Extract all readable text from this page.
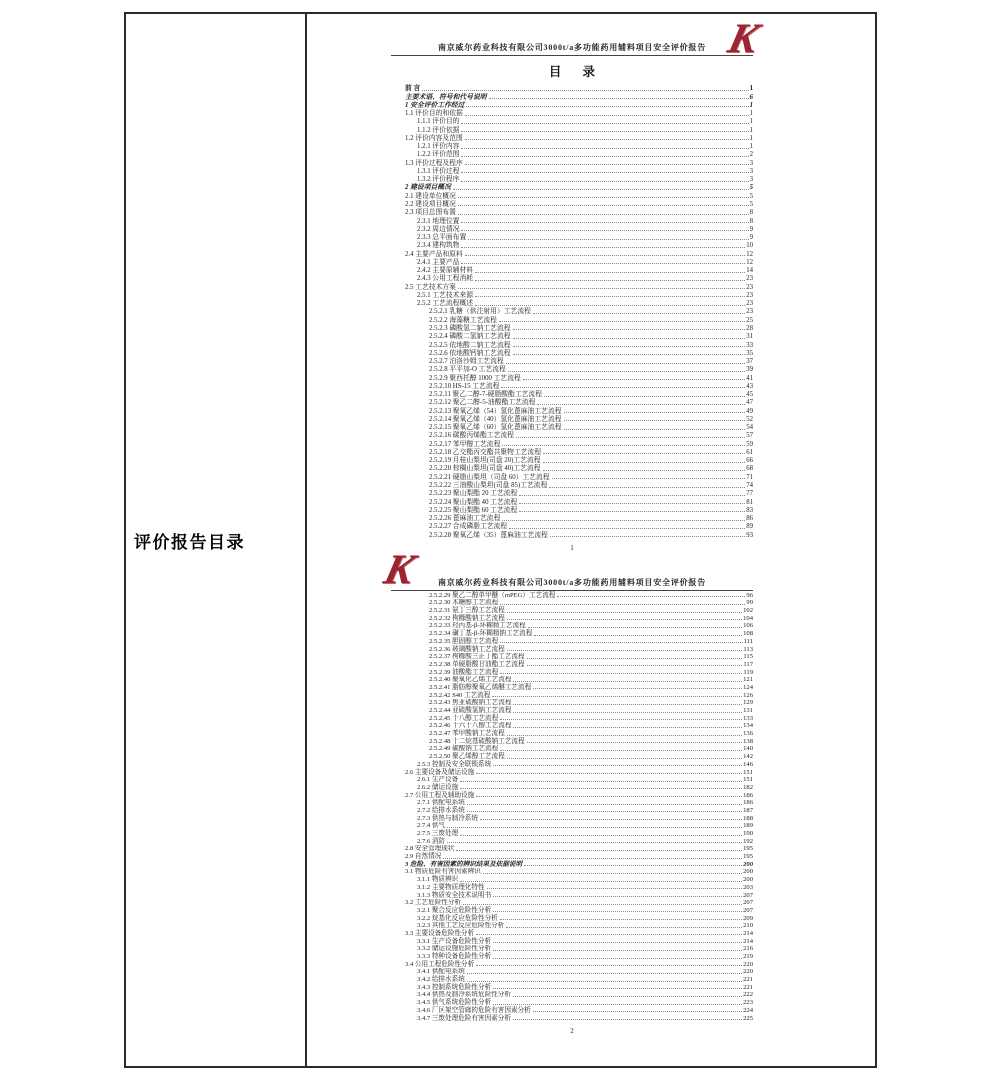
评价报告目录
K
南京威尔药业科技有限公司3000t/a多功能药用辅料项目安全评价报告
目 录
前 言	1
主要术语、符号和代号说明	6
1 安全评价工作经过	1
1.1 评价目的和依据	1
1.1.1 评价目的	1
1.1.2 评价依据	1
1.2 评价内容及范围	1
1.2.1 评价内容	1
1.2.2 评价范围	2
1.3 评价过程及程序	3
1.3.1 评价过程	3
1.3.2 评价程序	3
2 建设项目概况	5
2.1 建设单位概况	5
2.2 建设项目概况	5
2.3 项目总图布置	8
2.3.1 地理位置	8
2.3.2 周边情况	9
2.3.3 总平面布置	9
2.3.4 建构筑物	10
2.4 主要产品和原料	12
2.4.1 主要产品	12
2.4.2 主要原辅材料	14
2.4.3 公用工程消耗	23
2.5 工艺技术方案	23
2.5.1 工艺技术来源	23
2.5.2 工艺流程概述	23
2.5.2.1 乳糖（供注射用）工艺流程	23
2.5.2.2 海藻糖工艺流程	25
2.5.2.3 磷酸氢二钠工艺流程	28
2.5.2.4 磷酸二氢钠工艺流程	31
2.5.2.5 依地酸二钠工艺流程	33
2.5.2.6 依地酸钙钠工艺流程	35
2.5.2.7 泊洛沙姆工艺流程	37
2.5.2.8 平平加-O 工艺流程	39
2.5.2.9 聚西托醇 1000 工艺流程	41
2.5.2.10 HS-15 工艺流程	43
2.5.2.11 聚乙二醇-7-硬脂酸酯工艺流程	45
2.5.2.12 聚乙二醇-5-油酸酯工艺流程	47
2.5.2.13 聚氧乙烯（54）氢化蓖麻油工艺流程	49
2.5.2.14 聚氧乙烯（40）氢化蓖麻油工艺流程	52
2.5.2.15 聚氧乙烯（60）氢化蓖麻油工艺流程	54
2.5.2.16 碳酸丙烯酯工艺流程	57
2.5.2.17 苯甲醇工艺流程	59
2.5.2.18 乙交酯丙交酯共聚物工艺流程	61
2.5.2.19 月桂山梨坦(司盘 20)工艺流程	66
2.5.2.20 棕榈山梨坦(司盘 40)工艺流程	68
2.5.2.21 硬脂山梨坦（司盘 60）工艺流程	71
2.5.2.22 三油酸山梨坦(司盘 85)工艺流程	74
2.5.2.23 聚山梨酯 20 工艺流程	77
2.5.2.24 聚山梨酯 40 工艺流程	81
2.5.2.25 聚山梨酯 60 工艺流程	83
2.5.2.26 蓖麻油工艺流程	86
2.5.2.27 合成磷脂工艺流程	89
2.5.2.28 聚氧乙烯（35）蓖麻油工艺流程	93
1
K	南京威尔药业科技有限公司3000t/a多功能药用辅料项目安全评价报告
2.5.2.29 聚乙二醇单甲醚（mPEG）工艺流程	96
2.5.2.30 木糖醇工艺流程	99
2.5.2.31 氨丁三醇工艺流程	102
2.5.2.32 枸橼酸钠工艺流程	104
2.5.2.33 羟丙基-β-环糊精工艺流程	106
2.5.2.34 磺丁基-β-环糊精钠工艺流程	108
2.5.2.35 胆固醇工艺流程	111
2.5.2.36 玻璃酸钠工艺流程	113
2.5.2.37 枸橼酸三正丁酯工艺流程	115
2.5.2.38 单硬脂酸甘油酯工艺流程	117
2.5.2.39 油酸酯工艺流程	119
2.5.2.40 聚氧化乙烯工艺流程	121
2.5.2.41 脂肪醇聚氧乙烯醚工艺流程	124
2.5.2.42 S40 工艺流程	126
2.5.2.43 焦亚硫酸钠工艺流程	129
2.5.2.44 亚硫酸氢钠工艺流程	131
2.5.2.45 十八醇工艺流程	133
2.5.2.46 十六十八醇工艺流程	134
2.5.2.47 苯甲酸钠工艺流程	136
2.5.2.48 十二烷基硫酸钠工艺流程	138
2.5.2.49 碳酸钠工艺流程	140
2.5.2.50 聚乙烯醇工艺流程	142
2.5.3 控制及安全联锁系统	146
2.6 主要设备及储运设施	151
2.6.1 生产设备	151
2.6.2 储运设施	182
2.7 公用工程及辅助设施	186
2.7.1 供配电系统	186
2.7.2 给排水系统	187
2.7.3 供热与制冷系统	188
2.7.4 供气	189
2.7.5 三废处理	190
2.7.6 消防	192
2.8 安全管理现状	195
2.9 自然情况	195
3 危险、有害因素的辨识结果及依据说明	200
3.1 物质危险有害因素辨识	200
3.1.1 物质辨识	200
3.1.2 主要物质理化特性	203
3.1.3 物质安全技术说明书	207
3.2 工艺危险性分析	207
3.2.1 聚合反应危险性分析	207
3.2.2 烷基化反应危险性分析	209
3.2.3 其他工艺反应危险性分析	210
3.3 主要设备危险性分析	214
3.3.1 生产设备危险性分析	214
3.3.2 储运设施危险性分析	216
3.3.3 特种设备危险性分析	219
3.4 公用工程危险性分析	220
3.4.1 供配电系统	220
3.4.2 给排水系统	221
3.4.3 控制系统危险性分析	221
3.4.4 供热及制冷系统危险性分析	222
3.4.5 供气系统危险性分析	223
3.4.6 厂区架空管廊的危险有害因素分析	224
3.4.7 三废处理危险有害因素分析	225
2
